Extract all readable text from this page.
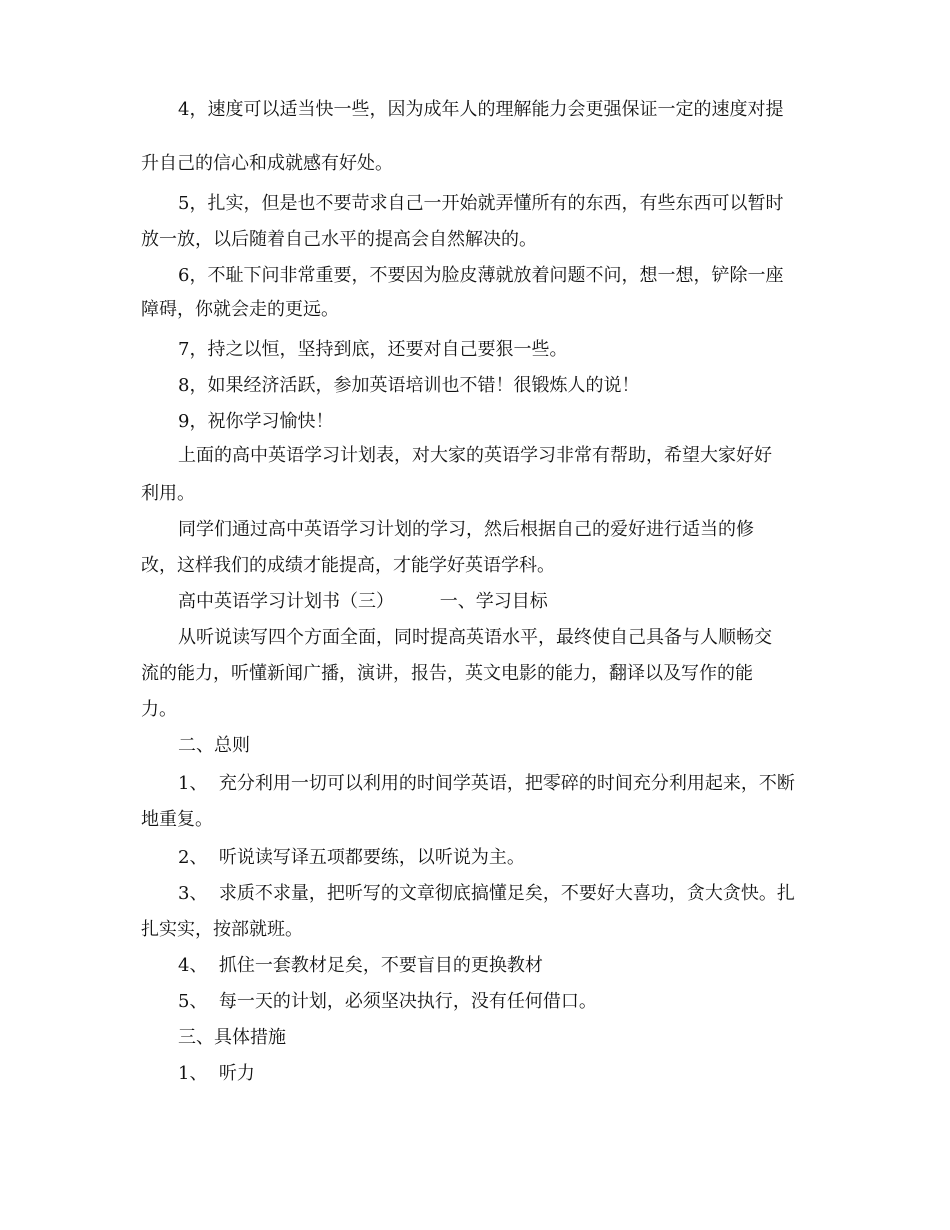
4，速度可以适当快一些，因为成年人的理解能力会更强保证一定的速度对提
升自己的信心和成就感有好处。
5，扎实，但是也不要苛求自己一开始就弄懂所有的东西，有些东西可以暂时
放一放，以后随着自己水平的提高会自然解决的。
6，不耻下问非常重要，不要因为脸皮薄就放着问题不问，想一想，铲除一座
障碍，你就会走的更远。
7，持之以恒，坚持到底，还要对自己要狠一些。
8，如果经济活跃，参加英语培训也不错！很锻炼人的说！
9，祝你学习愉快！
上面的高中英语学习计划表，对大家的英语学习非常有帮助，希望大家好好
利用。
同学们通过高中英语学习计划的学习，然后根据自己的爱好进行适当的修
改，这样我们的成绩才能提高，才能学好英语学科。
高中英语学习计划书（三）        一、学习目标
从听说读写四个方面全面，同时提高英语水平，最终使自己具备与人顺畅交
流的能力，听懂新闻广播，演讲，报告，英文电影的能力，翻译以及写作的能
力。
二、总则
1、  充分利用一切可以利用的时间学英语，把零碎的时间充分利用起来，不断
地重复。
2、  听说读写译五项都要练，以听说为主。
3、  求质不求量，把听写的文章彻底搞懂足矣，不要好大喜功，贪大贪快。扎
扎实实，按部就班。
4、  抓住一套教材足矣，不要盲目的更换教材
5、  每一天的计划，必须坚决执行，没有任何借口。
三、具体措施
1、  听力
